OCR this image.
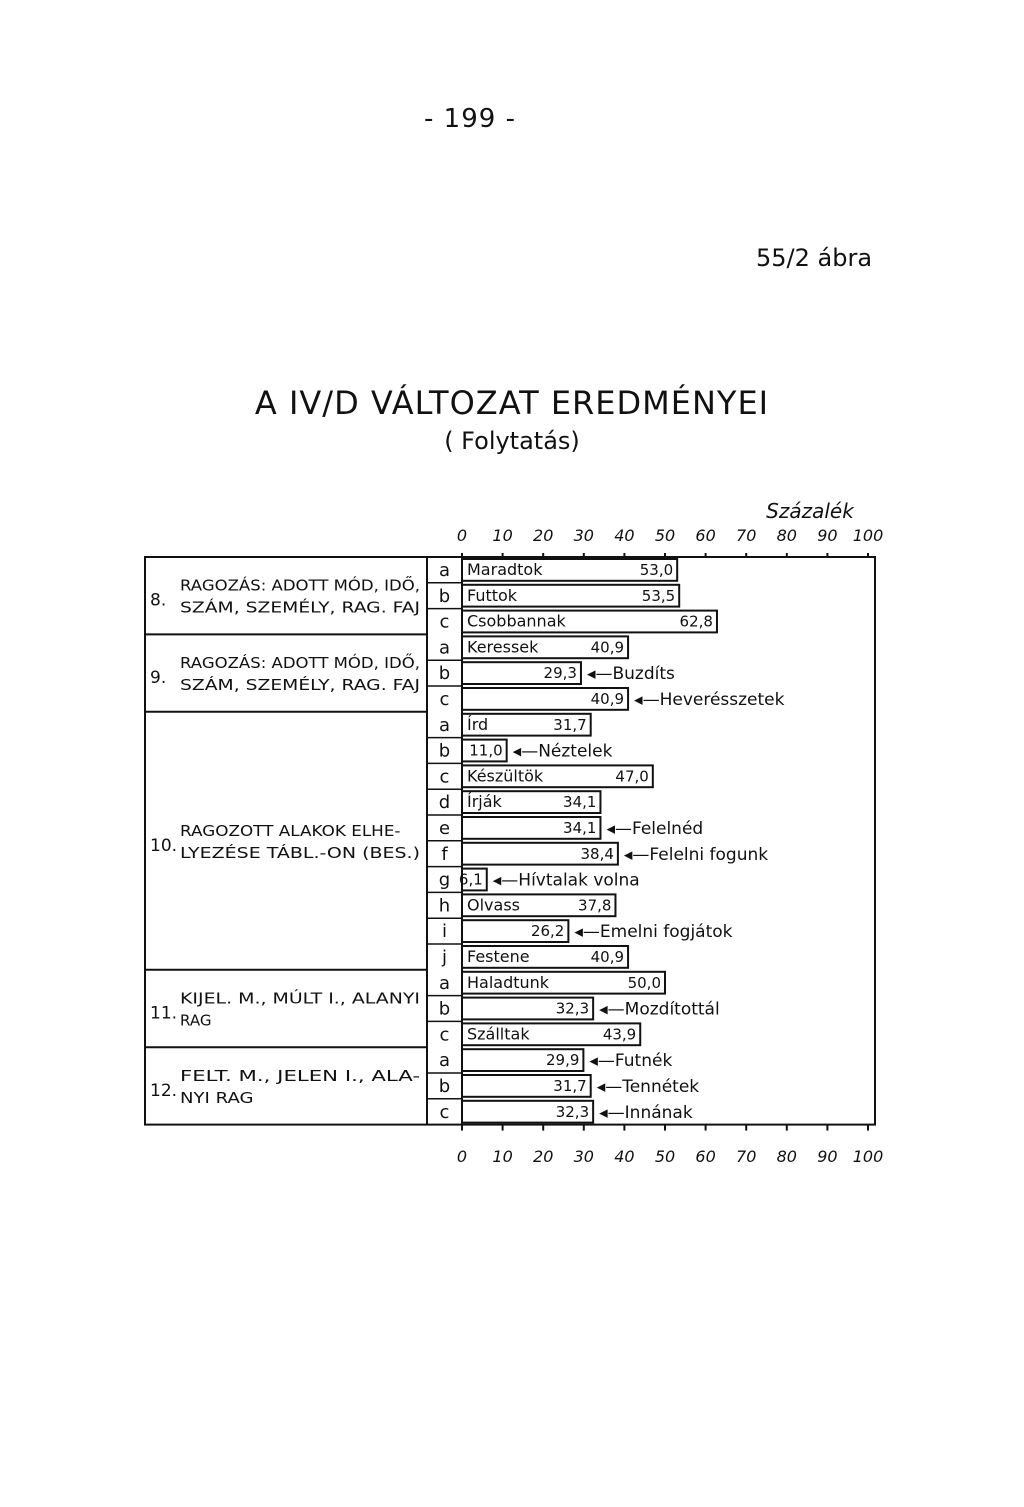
- 199 -
55/2 ábra
A IV/D VÁLTOZAT EREDMÉNYEI
( Folytatás)
Százalék
0
0
10
10
20
20
30
30
40
40
50
50
60
60
70
70
80
80
90
90
100
100
8.
RAGOZÁS: ADOTT MÓD, IDŐ,
SZÁM, SZEMÉLY, RAG. FAJ
a Maradtok	53,0
b Futtok	53,5
c Csobbannak	62,8
9.
RAGOZÁS: ADOTT MÓD, IDŐ,
SZÁM, SZEMÉLY, RAG. FAJ
a Keressek	40,9
b	29,3 ◂—Buzdíts
c	40,9 ◂—Heverésszetek
10.
RAGOZOTT ALAKOK ELHE-
LYEZÉSE TÁBL.-ON (BES.)
a Írd	31,7
b 11,0 ◂—Néztelek
c Készültök	47,0
d Írják	34,1
e	34,1 ◂—Felelnéd
f	38,4 ◂—Felelni fogunk
g 6,1 ◂—Hívtalak volna
h Olvass	37,8
i	26,2 ◂—Emelni fogjátok
j Festene	40,9
11.
KIJEL. M., MÚLT I., ALANYI
RAG
a Haladtunk	50,0
b	32,3 ◂—Mozdítottál
c Szálltak	43,9
12.
FELT. M., JELEN I., ALA-
NYI RAG
a	29,9 ◂—Futnék
b	31,7 ◂—Tennétek
c	32,3 ◂—Innának
